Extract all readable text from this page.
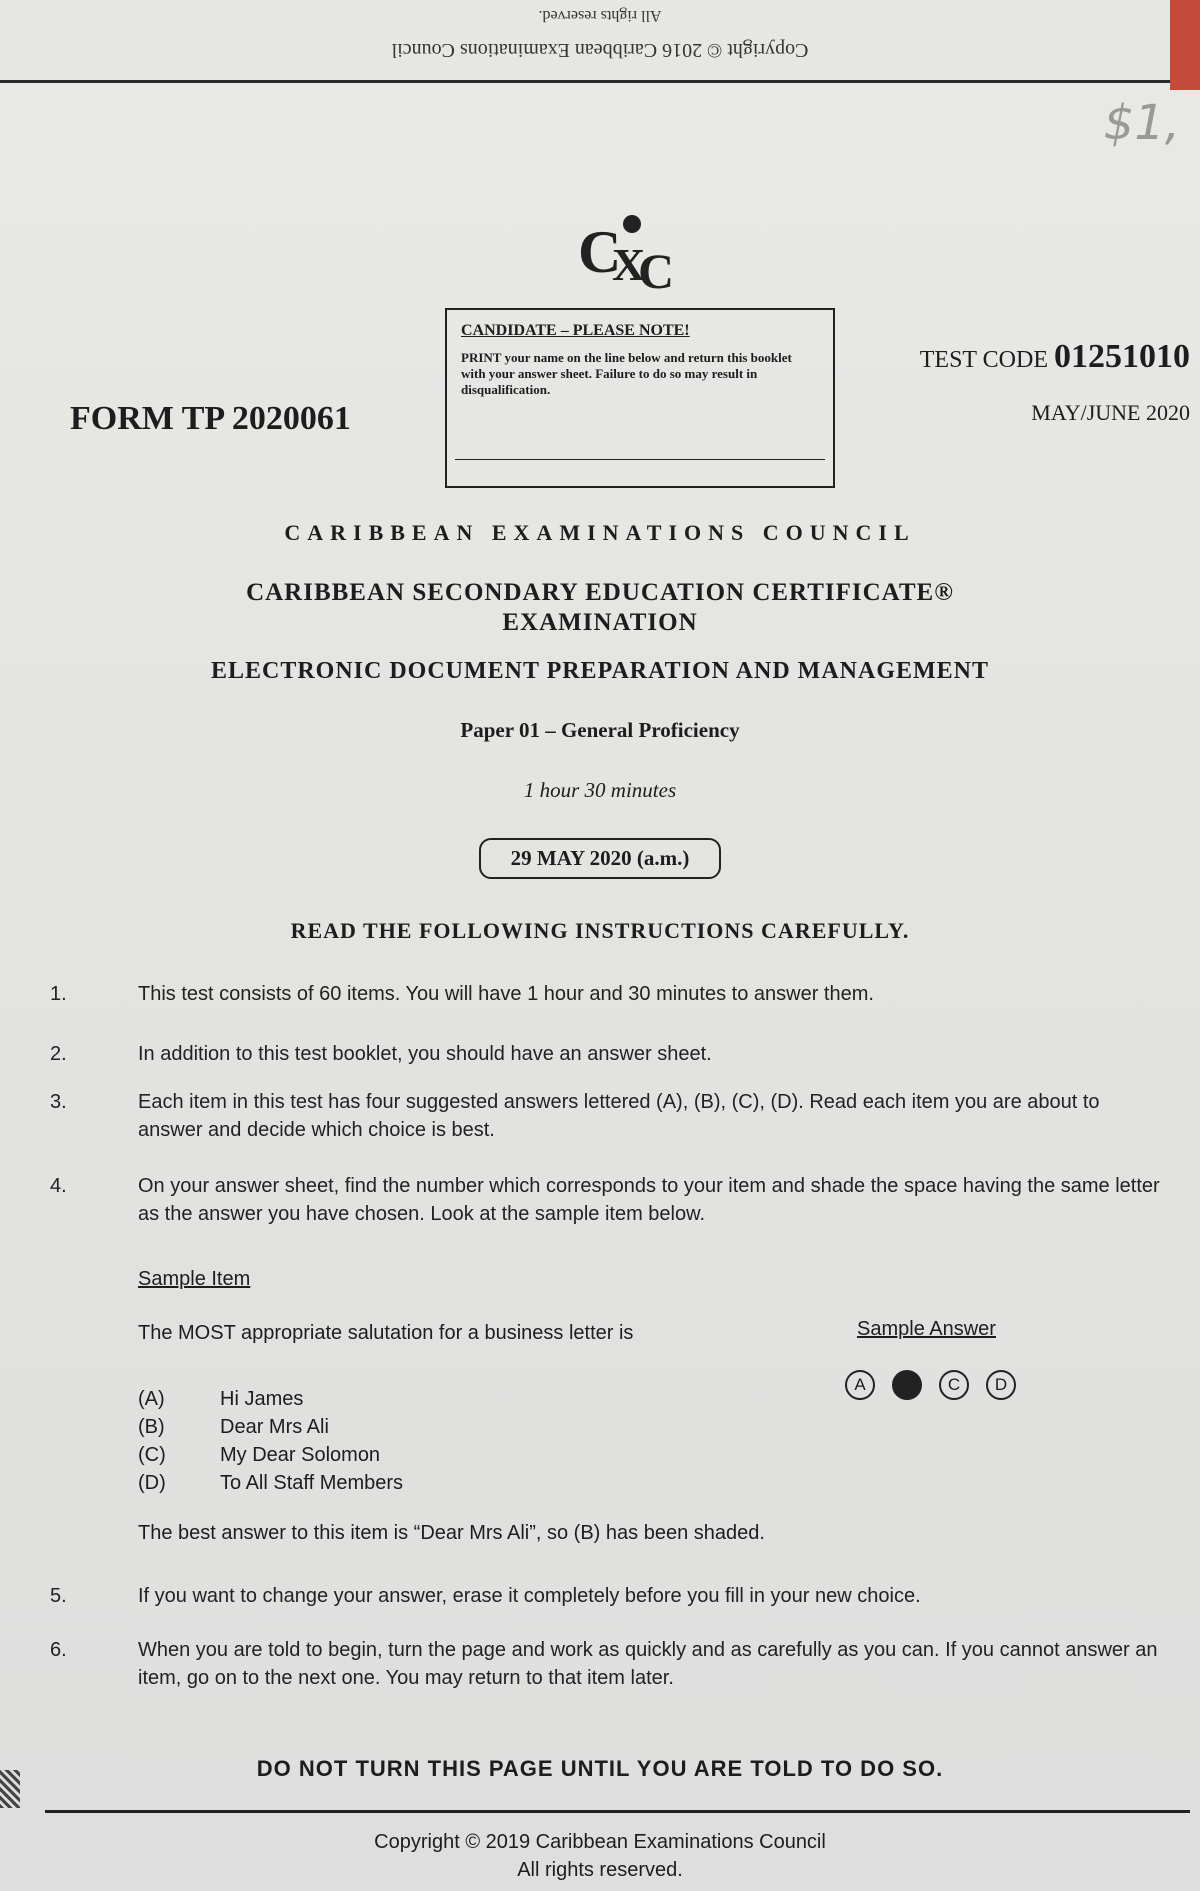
Copyright © 2016 Caribbean Examinations Council
All rights reserved.
$1,
C
X
C
CANDIDATE – PLEASE NOTE!
PRINT your name on the line below and return this booklet with your answer sheet. Failure to do so may result in disqualification.
FORM TP 2020061
TEST CODE 01251010
MAY/JUNE 2020
CARIBBEAN EXAMINATIONS COUNCIL
CARIBBEAN SECONDARY EDUCATION CERTIFICATE®
EXAMINATION
ELECTRONIC DOCUMENT PREPARATION AND MANAGEMENT
Paper 01 – General Proficiency
1 hour 30 minutes
29 MAY 2020 (a.m.)
READ THE FOLLOWING INSTRUCTIONS CAREFULLY.
1.	This test consists of 60 items. You will have 1 hour and 30 minutes to answer them.
2.	In addition to this test booklet, you should have an answer sheet.
3.	Each item in this test has four suggested answers lettered (A), (B), (C), (D). Read each item you are about to answer and decide which choice is best.
4.	On your answer sheet, find the number which corresponds to your item and shade the space having the same letter as the answer you have chosen. Look at the sample item below.
Sample Item
The MOST appropriate salutation for a business letter is	Sample Answer
A	B	C	D
(A)	Hi James
(B)	Dear Mrs Ali
(C)	My Dear Solomon
(D)	To All Staff Members
The best answer to this item is “Dear Mrs Ali”, so (B) has been shaded.
5.	If you want to change your answer, erase it completely before you fill in your new choice.
6.	When you are told to begin, turn the page and work as quickly and as carefully as you can. If you cannot answer an item, go on to the next one. You may return to that item later.
DO NOT TURN THIS PAGE UNTIL YOU ARE TOLD TO DO SO.
Copyright © 2019 Caribbean Examinations Council
All rights reserved.
